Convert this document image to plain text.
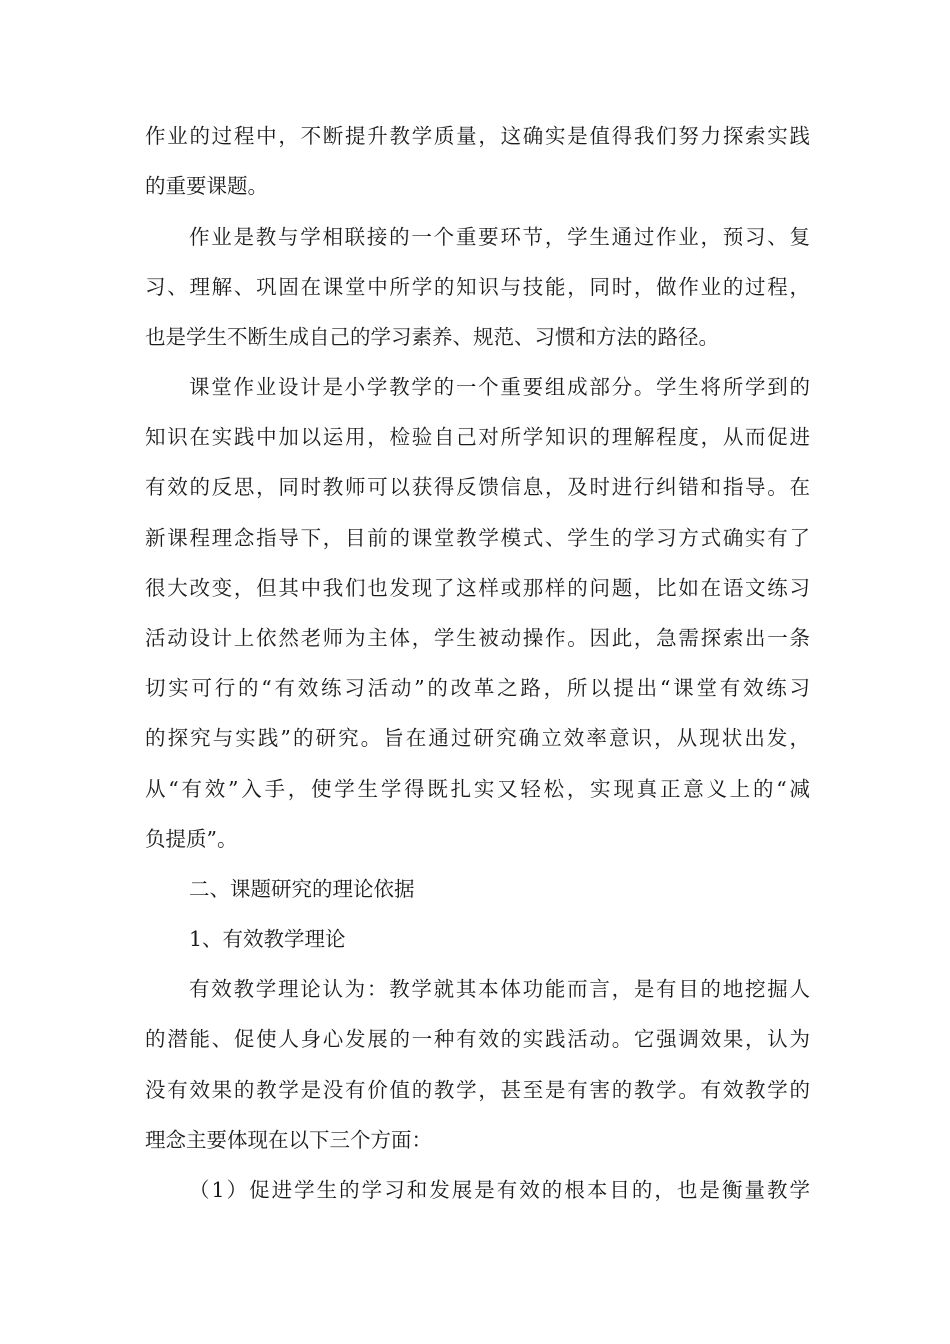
作业的过程中，不断提升教学质量，这确实是值得我们努力探索实践
的重要课题。
作业是教与学相联接的一个重要环节，学生通过作业，预习、复
习、理解、巩固在课堂中所学的知识与技能，同时，做作业的过程，
也是学生不断生成自己的学习素养、规范、习惯和方法的路径。
课堂作业设计是小学教学的一个重要组成部分。学生将所学到的
知识在实践中加以运用，检验自己对所学知识的理解程度，从而促进
有效的反思，同时教师可以获得反馈信息，及时进行纠错和指导。在
新课程理念指导下，目前的课堂教学模式、学生的学习方式确实有了
很大改变，但其中我们也发现了这样或那样的问题，比如在语文练习
活动设计上依然老师为主体，学生被动操作。因此，急需探索出一条
切实可行的“有效练习活动”的改革之路，所以提出“课堂有效练习
的探究与实践”的研究。旨在通过研究确立效率意识，从现状出发，
从“有效”入手，使学生学得既扎实又轻松，实现真正意义上的“减
负提质”。
二、课题研究的理论依据
1、有效教学理论
有效教学理论认为：教学就其本体功能而言，是有目的地挖掘人
的潜能、促使人身心发展的一种有效的实践活动。它强调效果，认为
没有效果的教学是没有价值的教学，甚至是有害的教学。有效教学的
理念主要体现在以下三个方面：
（1）促进学生的学习和发展是有效的根本目的，也是衡量教学
